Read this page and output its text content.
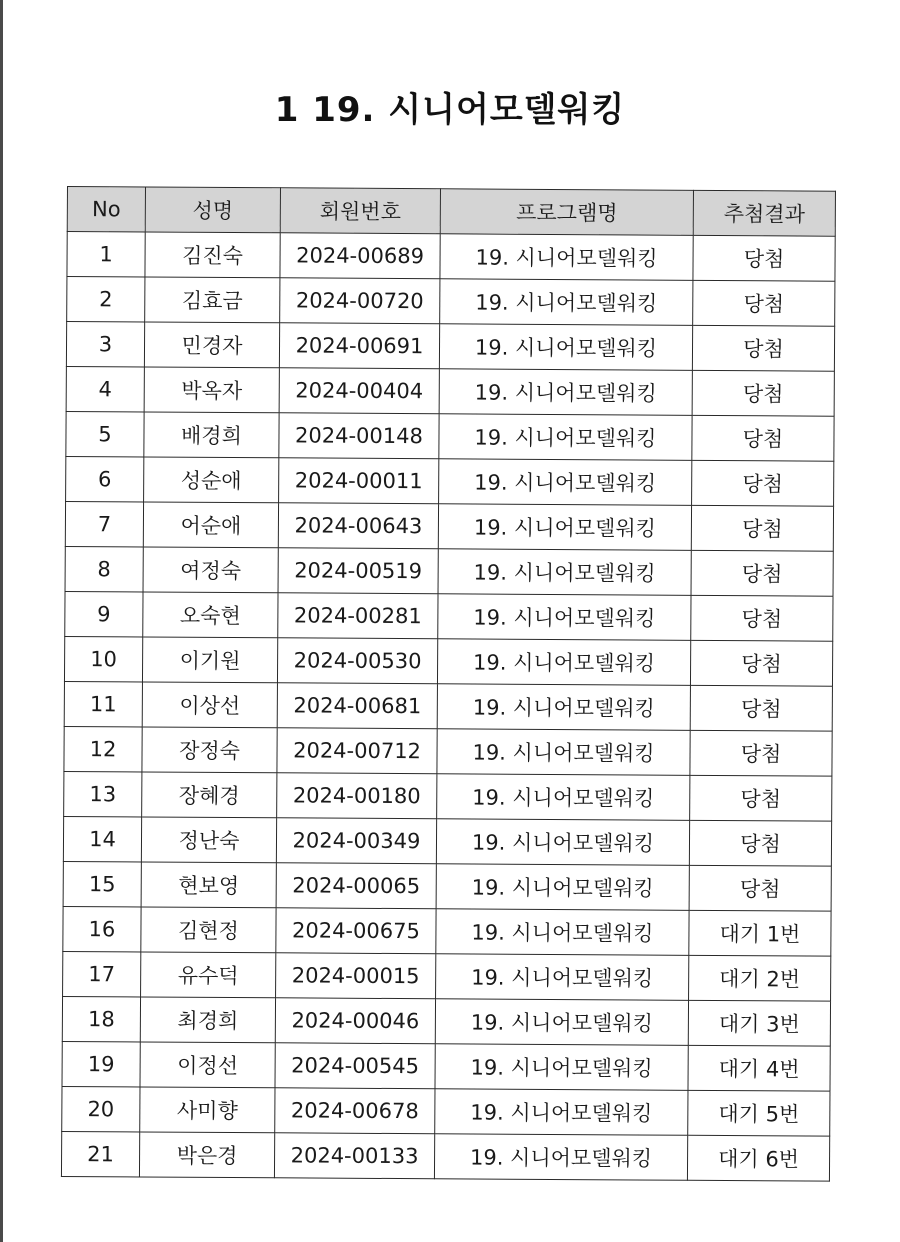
1 19. 시니어모델워킹
No	성명	회원번호	프로그램명	추첨결과
1	김진숙	2024-00689	19. 시니어모델워킹	당첨
2	김효금	2024-00720	19. 시니어모델워킹	당첨
3	민경자	2024-00691	19. 시니어모델워킹	당첨
4	박옥자	2024-00404	19. 시니어모델워킹	당첨
5	배경희	2024-00148	19. 시니어모델워킹	당첨
6	성순애	2024-00011	19. 시니어모델워킹	당첨
7	어순애	2024-00643	19. 시니어모델워킹	당첨
8	여정숙	2024-00519	19. 시니어모델워킹	당첨
9	오숙현	2024-00281	19. 시니어모델워킹	당첨
10	이기원	2024-00530	19. 시니어모델워킹	당첨
11	이상선	2024-00681	19. 시니어모델워킹	당첨
12	장정숙	2024-00712	19. 시니어모델워킹	당첨
13	장혜경	2024-00180	19. 시니어모델워킹	당첨
14	정난숙	2024-00349	19. 시니어모델워킹	당첨
15	현보영	2024-00065	19. 시니어모델워킹	당첨
16	김현정	2024-00675	19. 시니어모델워킹	대기 1번
17	유수덕	2024-00015	19. 시니어모델워킹	대기 2번
18	최경희	2024-00046	19. 시니어모델워킹	대기 3번
19	이정선	2024-00545	19. 시니어모델워킹	대기 4번
20	사미향	2024-00678	19. 시니어모델워킹	대기 5번
21	박은경	2024-00133	19. 시니어모델워킹	대기 6번
